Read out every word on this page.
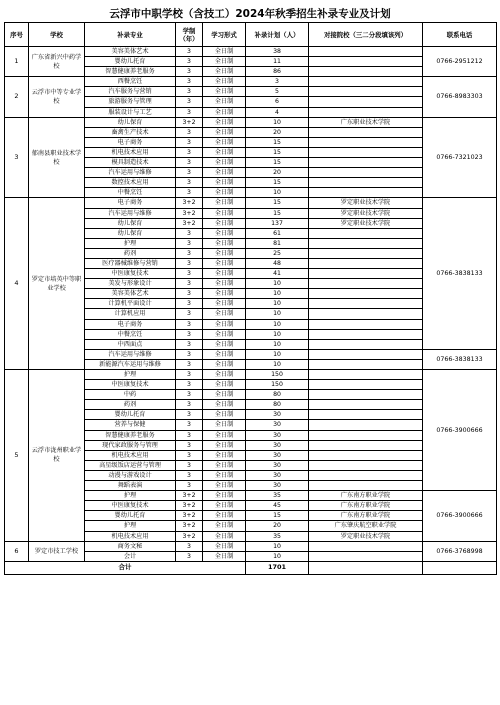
云浮市中职学校（含技工）2024年秋季招生补录专业及计划
序号	学校	补录专业	学制
（年）	学习形式	补录计划（人）	对接院校（三二分段填该列）	联系电话
1	广东省新兴中药学校	美容美体艺术	3	全日制	38		0766-2951212
		婴幼儿托育	3	全日制	11		
		智慧健康养老服务	3	全日制	86		
2	云浮市中等专业学校	西餐烹饪	3	全日制	3		0766-8983303
		汽车服务与营销	3	全日制	5		
		旅游服务与管理	3	全日制	6		
		服装设计与工艺	3	全日制	4		
3	郁南县职业技术学校	幼儿保育	3+2	全日制	10	广东职业技术学院	0766-7321023
		畜禽生产技术	3	全日制	20		
		电子商务	3	全日制	15		
		机电技术应用	3	全日制	15		
		模具制造技术	3	全日制	15		
		汽车运用与维修	3	全日制	20		
		数控技术应用	3	全日制	15		
		中餐烹饪	3	全日制	10		
4	罗定市培英中等职业学校	电子商务	3+2	全日制	15	罗定职业技术学院	0766-3838133
		汽车运用与维修	3+2	全日制	15	罗定职业技术学院	
		幼儿保育	3+2	全日制	137	罗定职业技术学院	
		幼儿保育	3	全日制	61		
		护理	3	全日制	81		
		药剂	3	全日制	25		
		医疗器械维修与营销	3	全日制	48		
		中医康复技术	3	全日制	41		
		美发与形象设计	3	全日制	10		
		美容美体艺术	3	全日制	10		
		计算机平面设计	3	全日制	10		
		计算机应用	3	全日制	10		
		电子商务	3	全日制	10		
		中餐烹饪	3	全日制	10		
		中西面点	3	全日制	10		
		汽车运用与维修	3	全日制	10		0766-3838133
		新能源汽车运用与维修	3	全日制	10		
5	云浮市泷州职业学校	护理	3	全日制	150		0766-3900666
		中医康复技术	3	全日制	150		
		中药	3	全日制	80		
		药剂	3	全日制	80		
		婴幼儿托育	3	全日制	30		
		营养与保健	3	全日制	30		
		智慧健康养老服务	3	全日制	30		
		现代家政服务与管理	3	全日制	30		
		机电技术应用	3	全日制	30		
		高星级饭店运营与管理	3	全日制	30		
		动漫与游戏设计	3	全日制	30		
		舞蹈表演	3	全日制	30		
		护理	3+2	全日制	35	广东南方职业学院	0766-3900666
		中医康复技术	3+2	全日制	45	广东南方职业学院	
		婴幼儿托育	3+2	全日制	15	广东南方职业学院	
		护理	3+2	全日制	20	广东肇庆航空职业学院	
		机电技术应用	3+2	全日制	35	罗定职业技术学院	
6	罗定市技工学校	商务文秘	3	全日制	10		0766-3768998
		会计	3	全日制	10		
合计					1701		
